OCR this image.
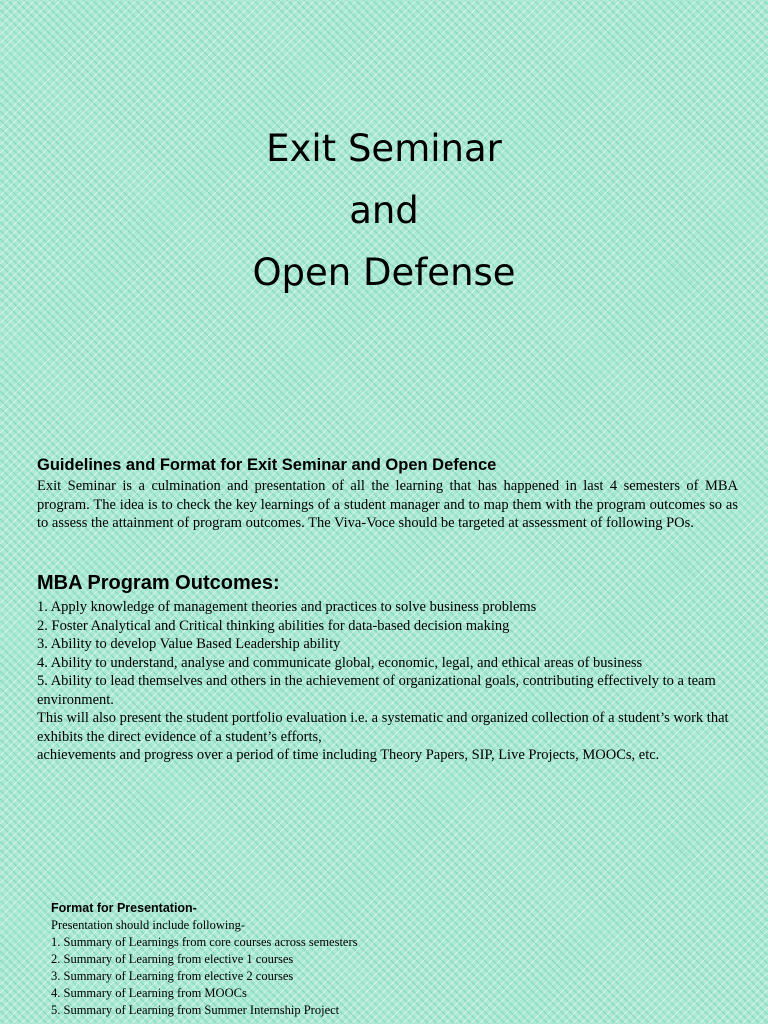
Exit Seminar
and
Open Defense
Guidelines and Format for Exit Seminar and Open Defence
Exit Seminar is a culmination and presentation of all the learning that has happened in last 4 semesters of MBA program. The idea is to check the key learnings of a student manager and to map them with the program outcomes so as to assess the attainment of program outcomes. The Viva-Voce should be targeted at assessment of following POs.
MBA Program Outcomes:
1. Apply knowledge of management theories and practices to solve business problems
2. Foster Analytical and Critical thinking abilities for data-based decision making
3. Ability to develop Value Based Leadership ability
4. Ability to understand, analyse and communicate global, economic, legal, and ethical areas of business
5. Ability to lead themselves and others in the achievement of organizational goals, contributing effectively to a team environment.
This will also present the student portfolio evaluation i.e. a systematic and organized collection of a student’s work that exhibits the direct evidence of a student’s efforts,
achievements and progress over a period of time including Theory Papers, SIP, Live Projects, MOOCs, etc.
Format for Presentation-
Presentation should include following-
1. Summary of Learnings from core courses across semesters
2. Summary of Learning from elective 1 courses
3. Summary of Learning from elective 2 courses
4. Summary of Learning from MOOCs
5. Summary of Learning from Summer Internship Project
